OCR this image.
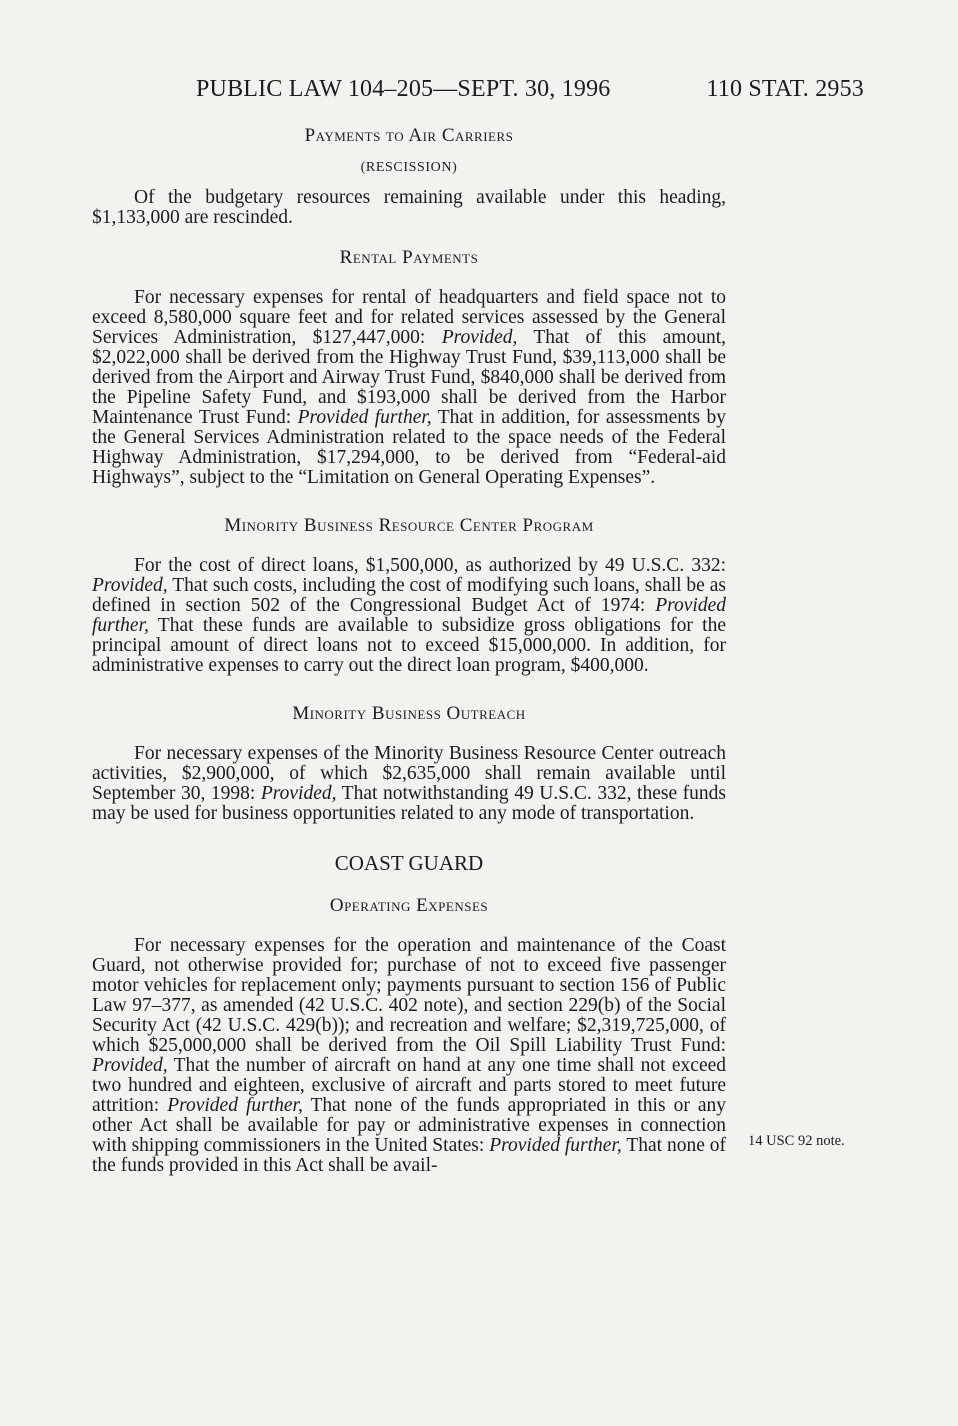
PUBLIC LAW 104–205—SEPT. 30, 1996	110 STAT. 2953
Payments to Air Carriers
(RESCISSION)

Of the budgetary resources remaining available under this heading, $1,133,000 are rescinded.

Rental Payments

For necessary expenses for rental of headquarters and field space not to exceed 8,580,000 square feet and for related services assessed by the General Services Administration, $127,447,000: Provided, That of this amount, $2,022,000 shall be derived from the Highway Trust Fund, $39,113,000 shall be derived from the Airport and Airway Trust Fund, $840,000 shall be derived from the Pipeline Safety Fund, and $193,000 shall be derived from the Harbor Maintenance Trust Fund: Provided further, That in addition, for assessments by the General Services Administration related to the space needs of the Federal Highway Administration, $17,294,000, to be derived from “Federal-aid Highways”, subject to the “Limitation on General Operating Expenses”.

Minority Business Resource Center Program

For the cost of direct loans, $1,500,000, as authorized by 49 U.S.C. 332: Provided, That such costs, including the cost of modifying such loans, shall be as defined in section 502 of the Congressional Budget Act of 1974: Provided further, That these funds are available to subsidize gross obligations for the principal amount of direct loans not to exceed $15,000,000. In addition, for administrative expenses to carry out the direct loan program, $400,000.

Minority Business Outreach

For necessary expenses of the Minority Business Resource Center outreach activities, $2,900,000, of which $2,635,000 shall remain available until September 30, 1998: Provided, That notwithstanding 49 U.S.C. 332, these funds may be used for business opportunities related to any mode of transportation.

COAST GUARD
Operating Expenses

For necessary expenses for the operation and maintenance of the Coast Guard, not otherwise provided for; purchase of not to exceed five passenger motor vehicles for replacement only; payments pursuant to section 156 of Public Law 97–377, as amended (42 U.S.C. 402 note), and section 229(b) of the Social Security Act (42 U.S.C. 429(b)); and recreation and welfare; $2,319,725,000, of which $25,000,000 shall be derived from the Oil Spill Liability Trust Fund: Provided, That the number of aircraft on hand at any one time shall not exceed two hundred and eighteen, exclusive of aircraft and parts stored to meet future attrition: Provided further, That none of the funds appropriated in this or any other Act shall be available for pay or administrative expenses in connection with shipping commissioners in the United States: Provided further, That none of the funds provided in this Act shall be avail-

14 USC 92 note.
